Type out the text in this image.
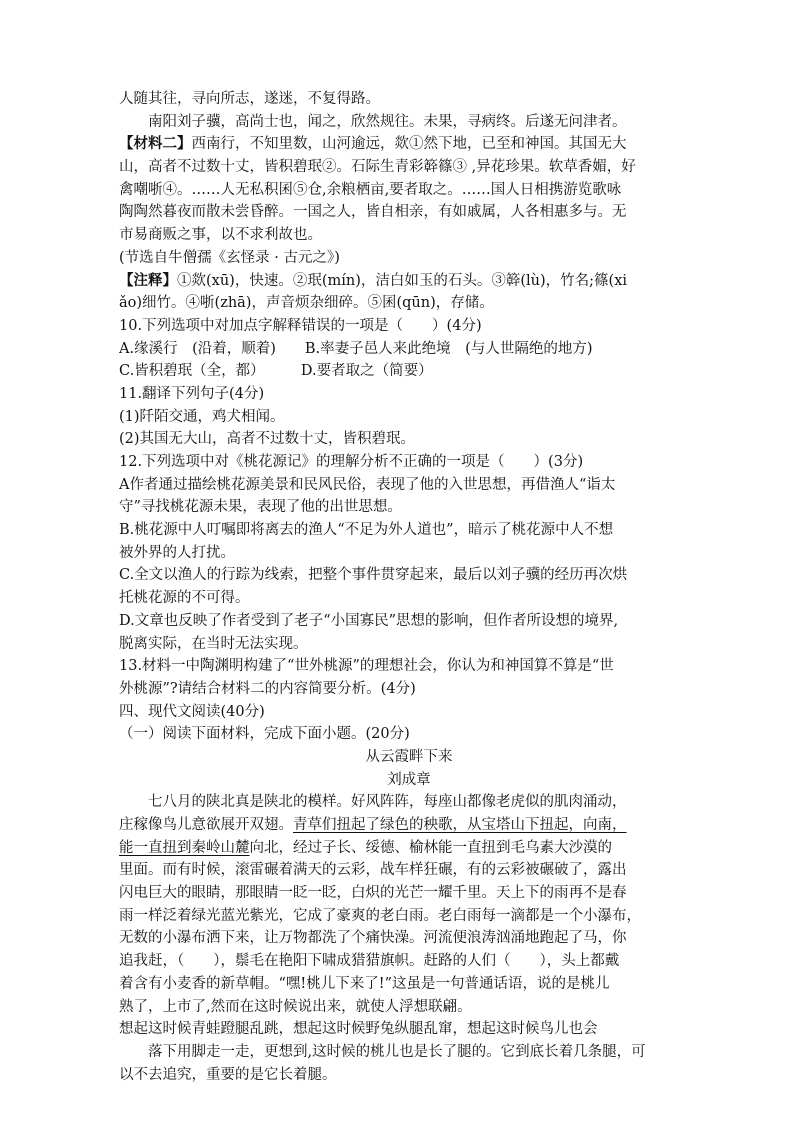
人随其往，寻向所志，遂迷，不复得路。
南阳刘子骥，高尚士也，闻之，欣然规往。未果，寻病终。后遂无问津者。
【材料二】西南行，不知里数，山河逾远，欻①然下地，已至和神国。其国无大
山，高者不过数十丈，皆积碧珉②。石际生青彩簳篠③ ,异花珍果。软草香媚，好
禽嘲哳④。……人无私积囷⑤仓,余粮栖亩,要者取之。……国人日相携游览歌咏
陶陶然暮夜而散未尝昏醉。一国之人，皆自相亲，有如戚属，人各相惠多与。无
市易商贩之事，以不求利故也。
(节选自牛僧孺《玄怪录 · 古元之》)
【注释】①欻(xū)，快速。②珉(mín)，洁白如玉的石头。③簳(lù)，竹名;篠(xi
ǎo)细竹。④哳(zhā)，声音烦杂细碎。⑤囷(qūn)，存储。
10.下列选项中对加点字解释错误的一项是（　　）(4分)
A.缘溪行　(沿着，顺着)　　B.率妻子邑人来此绝境　(与人世隔绝的地方)
C.皆积碧珉（全，都）　　　D.要者取之（简要）
11.翻译下列句子(4分)
(1)阡陌交通，鸡犬相闻。
(2)其国无大山，高者不过数十丈，皆积碧珉。
12.下列选项中对《桃花源记》的理解分析不正确的一项是（　　）(3分)
A作者通过描绘桃花源美景和民风民俗，表现了他的入世思想，再借渔人“诣太
守”寻找桃花源未果，表现了他的出世思想。
B.桃花源中人叮嘱即将离去的渔人“不足为外人道也”，暗示了桃花源中人不想
被外界的人打扰。
C.全文以渔人的行踪为线索，把整个事件贯穿起来，最后以刘子骥的经历再次烘
托桃花源的不可得。
D.文章也反映了作者受到了老子“小国寡民”思想的影响，但作者所设想的境界,
脱离实际，在当时无法实现。
13.材料一中陶渊明构建了“世外桃源”的理想社会，你认为和神国算不算是“世
外桃源”?请结合材料二的内容简要分析。(4分)
四、现代文阅读(40分)
（一）阅读下面材料，完成下面小题。(20分)
从云霞畔下来
刘成章
七八月的陕北真是陕北的模样。好风阵阵，每座山都像老虎似的肌肉涌动，
庄稼像鸟儿意欲展开双翅。青草们扭起了绿色的秧歌，从宝塔山下扭起，向南，
能一直扭到秦岭山麓向北，经过子长、绥德、榆林能一直扭到毛乌素大沙漠的
里面。而有时候，滚雷碾着满天的云彩，战车样狂碾，有的云彩被碾破了，露出
闪电巨大的眼睛，那眼睛一眨一眨，白炽的光芒一耀千里。天上下的雨再不是春
雨一样泛着绿光蓝光紫光，它成了豪爽的老白雨。老白雨每一滴都是一个小瀑布，
无数的小瀑布洒下来，让万物都洗了个痛快澡。河流便浪涛汹涌地跑起了马，你
追我赶，（　　），鬃毛在艳阳下啸成猎猎旗帜。赶路的人们（　　），头上都戴
着含有小麦香的新草帽。“嘿!桃儿下来了!”这虽是一句普通话语，说的是桃儿
熟了，上市了,然而在这时候说出来，就使人浮想联翩。
想起这时候青蛙蹬腿乱跳，想起这时候野兔纵腿乱窜，想起这时候鸟儿也会
落下用脚走一走，更想到,这时候的桃儿也是长了腿的。它到底长着几条腿，可
以不去追究，重要的是它长着腿。
